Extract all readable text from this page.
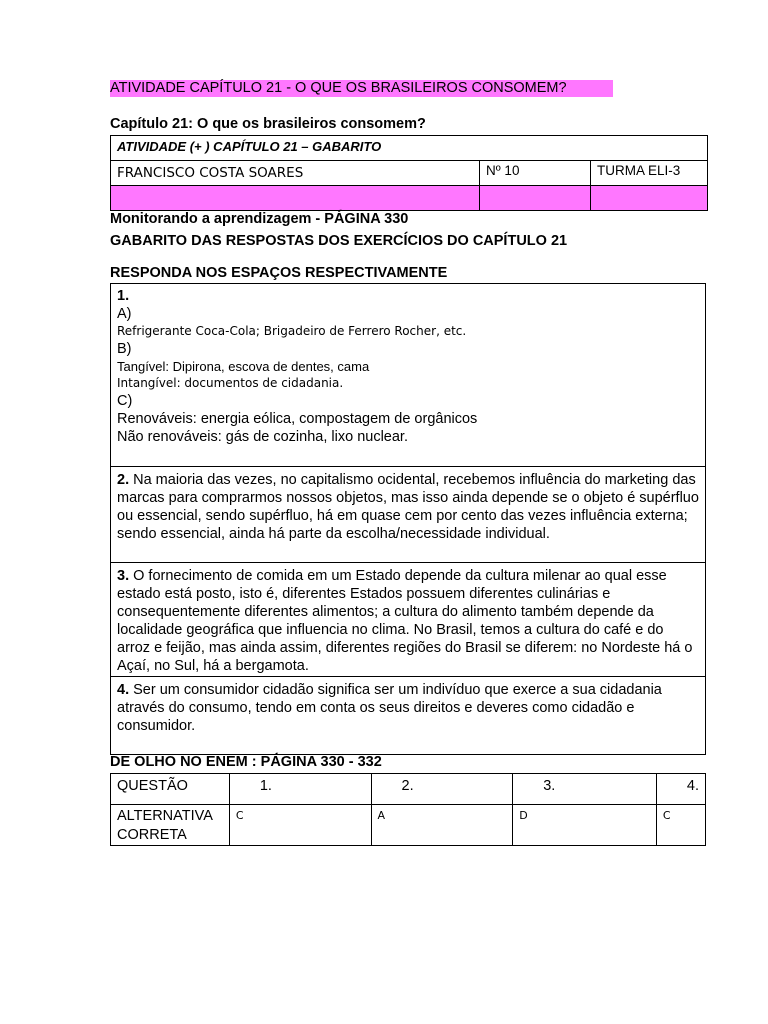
ATIVIDADE CAPÍTULO 21 - O QUE OS BRASILEIROS CONSOMEM?
Capítulo 21: O que os brasileiros consomem?
ATIVIDADE (+ ) CAPÍTULO 21 – GABARITO		
FRANCISCO COSTA SOARES	Nº 10	TURMA ELI-3

Monitorando a aprendizagem - PÁGINA 330
GABARITO DAS RESPOSTAS DOS EXERCÍCIOS DO CAPÍTULO 21
RESPONDA NOS ESPAÇOS RESPECTIVAMENTE
1.
A)
Refrigerante Coca-Cola; Brigadeiro de Ferrero Rocher, etc.
B)
Tangível: Dipirona, escova de dentes, cama
Intangível: documentos de cidadania.
C)
Renováveis: energia eólica, compostagem de orgânicos
Não renováveis: gás de cozinha, lixo nuclear.
2. Na maioria das vezes, no capitalismo ocidental, recebemos influência do marketing das marcas para comprarmos nossos objetos, mas isso ainda depende se o objeto é supérfluo ou essencial, sendo supérfluo, há em quase cem por cento das vezes influência externa; sendo essencial, ainda há parte da escolha/necessidade individual.
3. O fornecimento de comida em um Estado depende da cultura milenar ao qual esse estado está posto, isto é, diferentes Estados possuem diferentes culinárias e consequentemente diferentes alimentos; a cultura do alimento também depende da localidade geográfica que influencia no clima. No Brasil, temos a cultura do café e do arroz e feijão, mas ainda assim, diferentes regiões do Brasil se diferem: no Nordeste há o Açaí, no Sul, há a bergamota.
4. Ser um consumidor cidadão significa ser um indivíduo que exerce a sua cidadania através do consumo, tendo em conta os seus direitos e deveres como cidadão e consumidor.
DE OLHO NO ENEM : PÁGINA 330 - 332
QUESTÃO	1.	2.	3.	4.

ALTERNATIVA
CORRETA	C	A	D	C
